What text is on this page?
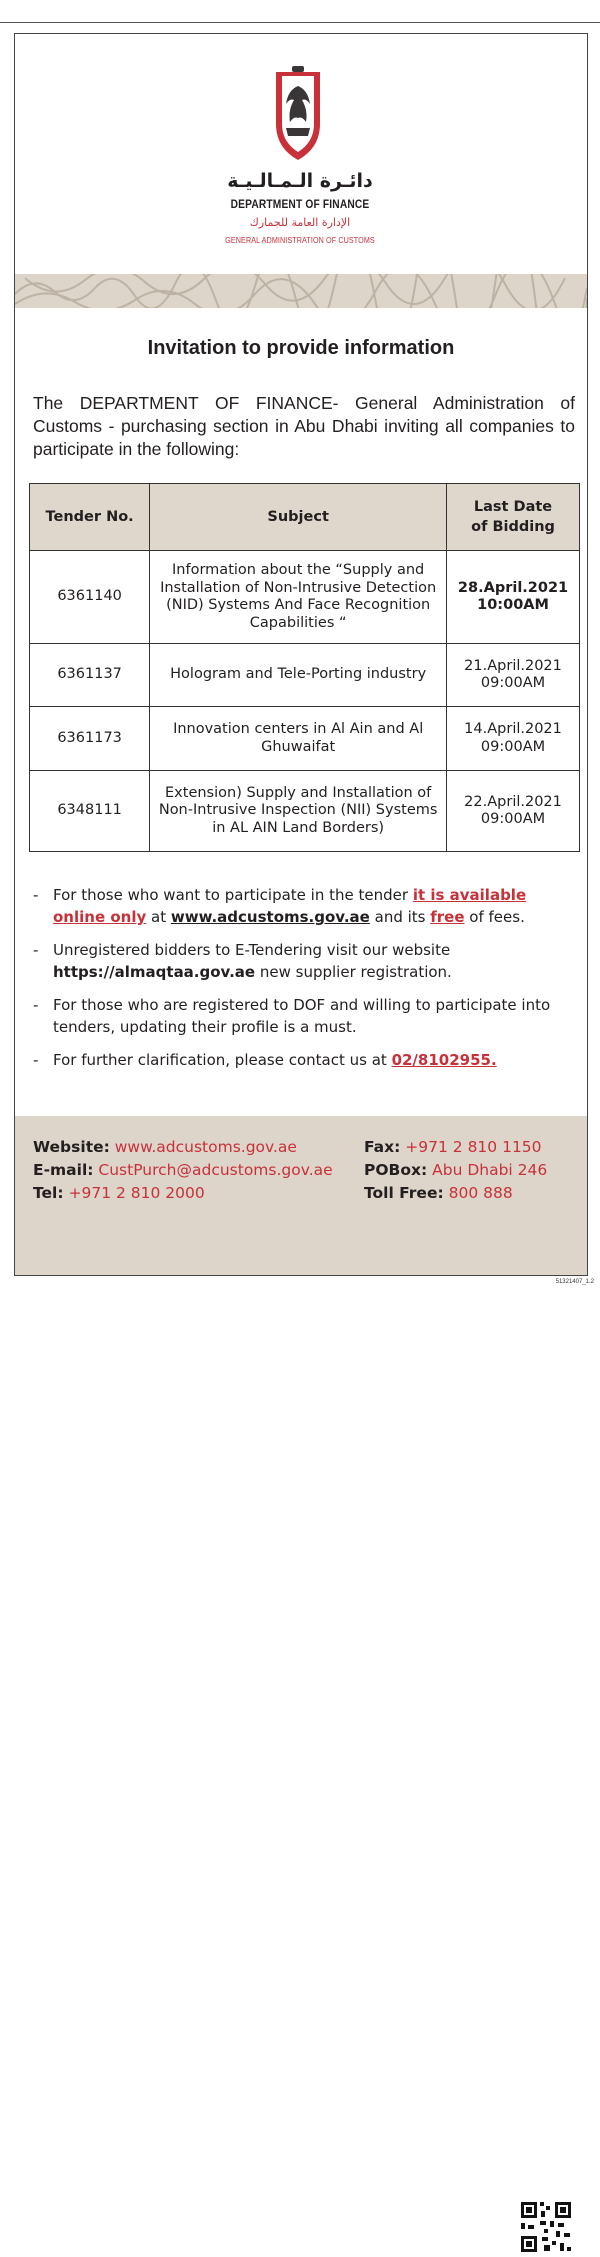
دائـرة الـمـالـيـة
DEPARTMENT OF FINANCE
الإدارة العامة للجمارك
GENERAL ADMINISTRATION OF CUSTOMS
Invitation to provide information
The DEPARTMENT OF FINANCE- General Administration of Customs - purchasing section in Abu Dhabi inviting all companies to participate in the following:
Tender No.	Subject	Last Date of Bidding
6361140	Information about the “Supply and Installation of Non-Intrusive Detection (NID) Systems And Face Recognition Capabilities “	28.April.2021
10:00AM

6361137	Hologram and Tele-Porting industry	21.April.2021
09:00AM

6361173	Innovation centers in Al Ain and Al Ghuwaifat	14.April.2021
09:00AM

6348111	Extension) Supply and Installation of Non-Intrusive Inspection (NII) Systems in AL AIN Land Borders)	22.April.2021
09:00AM
- For those who want to participate in the tender it is available online only at www.adcustoms.gov.ae and its free of fees.
- Unregistered bidders to E-Tendering visit our website https://almaqtaa.gov.ae new supplier registration.
- For those who are registered to DOF and willing to participate into tenders, updating their profile is a must.
- For further clarification, please contact us at 02/8102955.
Website: www.adcustoms.gov.ae
E-mail: CustPurch@adcustoms.gov.ae
Tel: +971 2 810 2000
Fax: +971 2 810 1150
POBox: Abu Dhabi 246
Toll Free: 800 888
51321407_1.2
